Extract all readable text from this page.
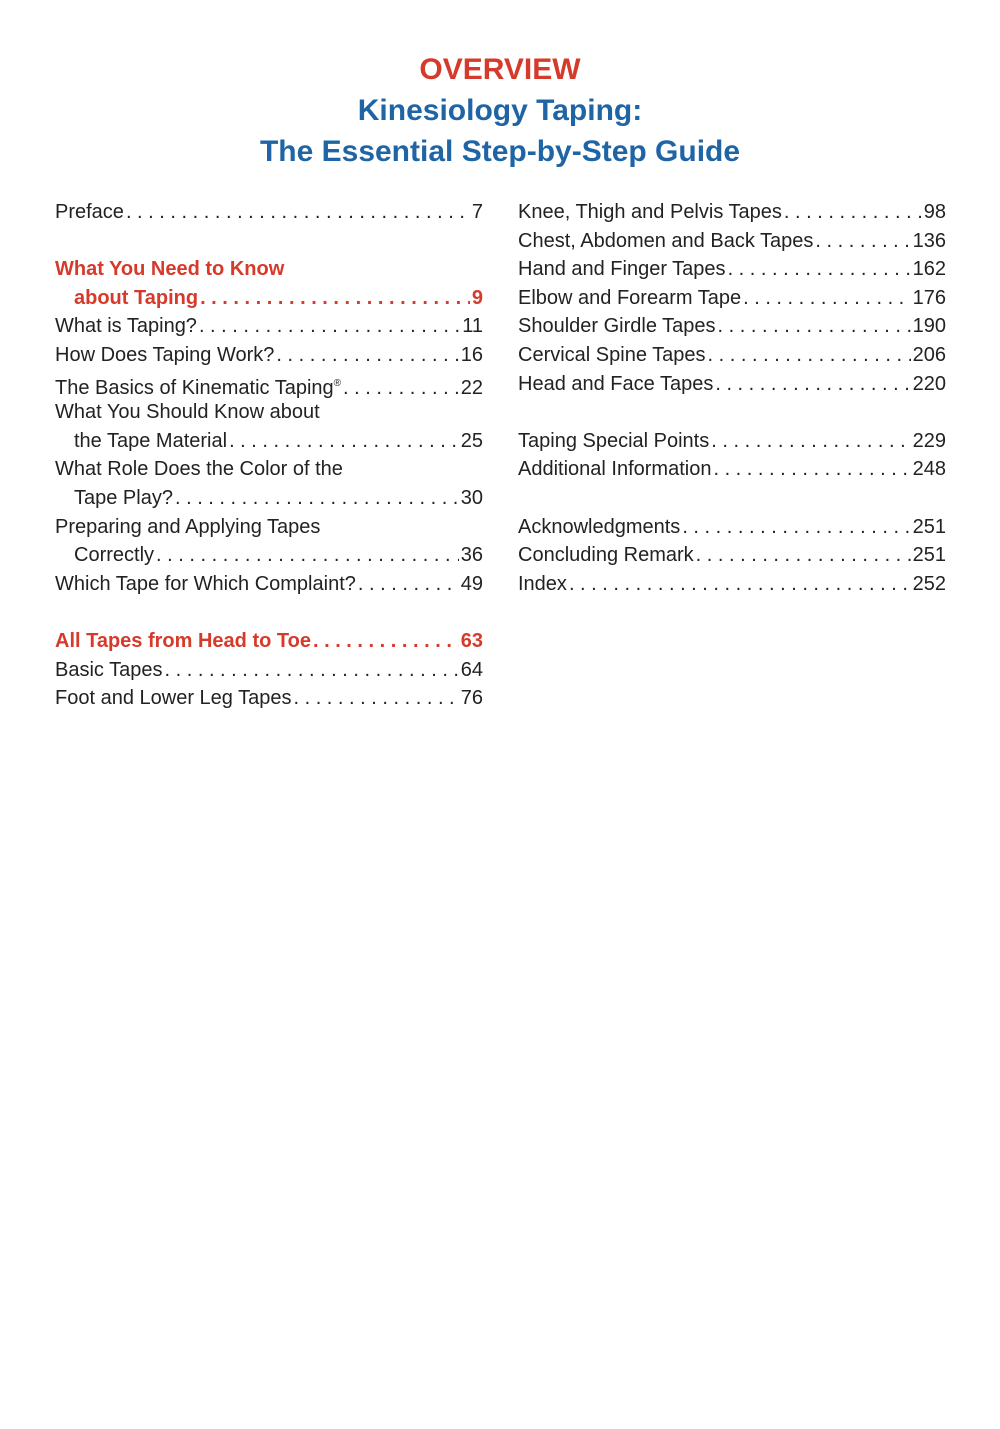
OVERVIEW
Kinesiology Taping:
The Essential Step-by-Step Guide
Preface . . .	7
What You Need to Know
about Taping . . .	9
What is Taping? . . .	11
How Does Taping Work? . . .	16
The Basics of Kinematic Taping® . . .	22
What You Should Know about
the Tape Material . . .	25
What Role Does the Color of the
Tape Play? . . .	30
Preparing and Applying Tapes
Correctly . . .	36
Which Tape for Which Complaint? . . .	49
All Tapes from Head to Toe . . .	63
Basic Tapes . . .	64
Foot and Lower Leg Tapes . . .	76
Knee, Thigh and Pelvis Tapes . . .	98
Chest, Abdomen and Back Tapes . . .	136
Hand and Finger Tapes . . .	162
Elbow and Forearm Tape . . .	176
Shoulder Girdle Tapes . . .	190
Cervical Spine Tapes . . .	206
Head and Face Tapes . . .	220
Taping Special Points . . .	229
Additional Information . . .	248
Acknowledgments . . .	251
Concluding Remark . . .	251
Index . . .	252
